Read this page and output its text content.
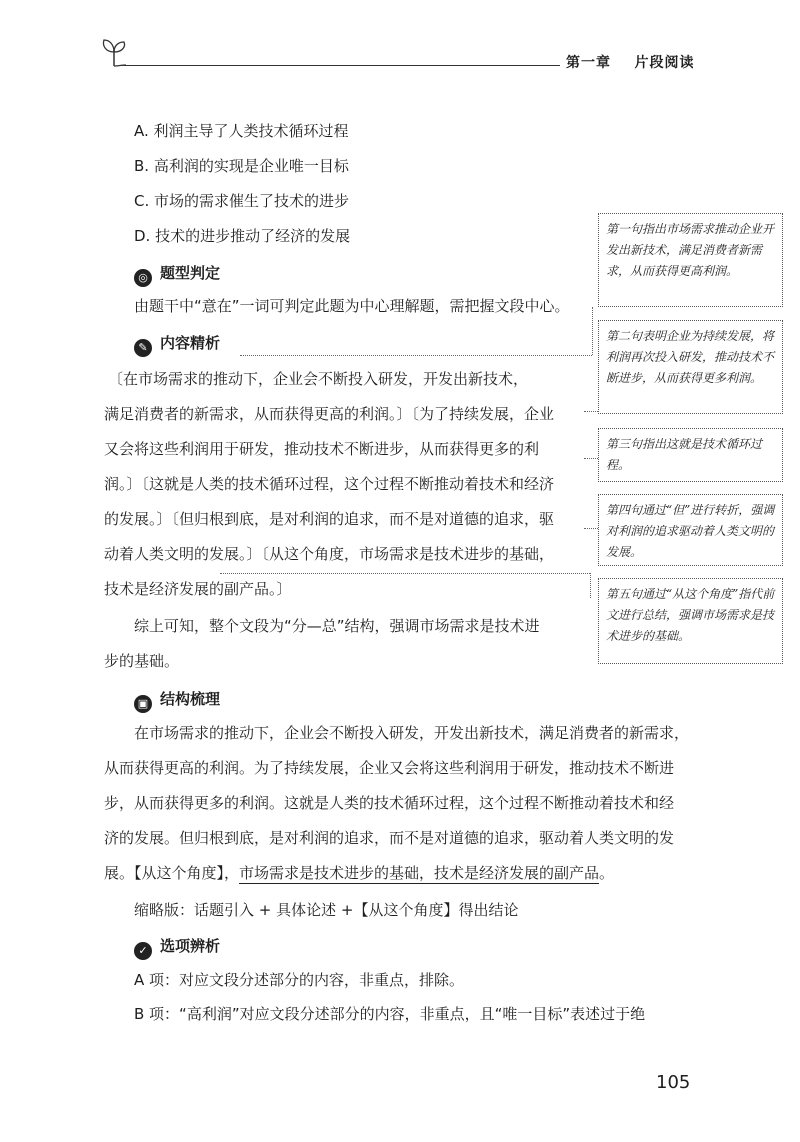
第一章    片段阅读
A. 利润主导了人类技术循环过程
B. 高利润的实现是企业唯一目标
C. 市场的需求催生了技术的进步
D. 技术的进步推动了经济的发展
◎ 题型判定
由题干中“意在”一词可判定此题为中心理解题，需把握文段中心。
✎ 内容精析
〔在市场需求的推动下，企业会不断投入研发，开发出新技术，
满足消费者的新需求，从而获得更高的利润。〕〔为了持续发展，企业
又会将这些利润用于研发，推动技术不断进步，从而获得更多的利
润。〕〔这就是人类的技术循环过程，这个过程不断推动着技术和经济
的发展。〕〔但归根到底，是对利润的追求，而不是对道德的追求，驱
动着人类文明的发展。〕〔从这个角度，市场需求是技术进步的基础，
技术是经济发展的副产品。〕
综上可知，整个文段为“分—总”结构，强调市场需求是技术进
步的基础。
第一句指出市场需求推动企业开发出新技术，满足消费者新需求，从而获得更高利润。
第二句表明企业为持续发展，将利润再次投入研发，推动技术不断进步，从而获得更多利润。
第三句指出这就是技术循环过程。
第四句通过“但”进行转折，强调对利润的追求驱动着人类文明的发展。
第五句通过“从这个角度”指代前文进行总结，强调市场需求是技术进步的基础。
▣ 结构梳理
在市场需求的推动下，企业会不断投入研发，开发出新技术，满足消费者的新需求，
从而获得更高的利润。为了持续发展，企业又会将这些利润用于研发，推动技术不断进
步，从而获得更多的利润。这就是人类的技术循环过程，这个过程不断推动着技术和经
济的发展。但归根到底，是对利润的追求，而不是对道德的追求，驱动着人类文明的发
展。【从这个角度】，市场需求是技术进步的基础，技术是经济发展的副产品。
缩略版：话题引入 + 具体论述 +【从这个角度】得出结论
✓ 选项辨析
A 项：对应文段分述部分的内容，非重点，排除。
B 项：“高利润”对应文段分述部分的内容，非重点，且“唯一目标”表述过于绝
105
